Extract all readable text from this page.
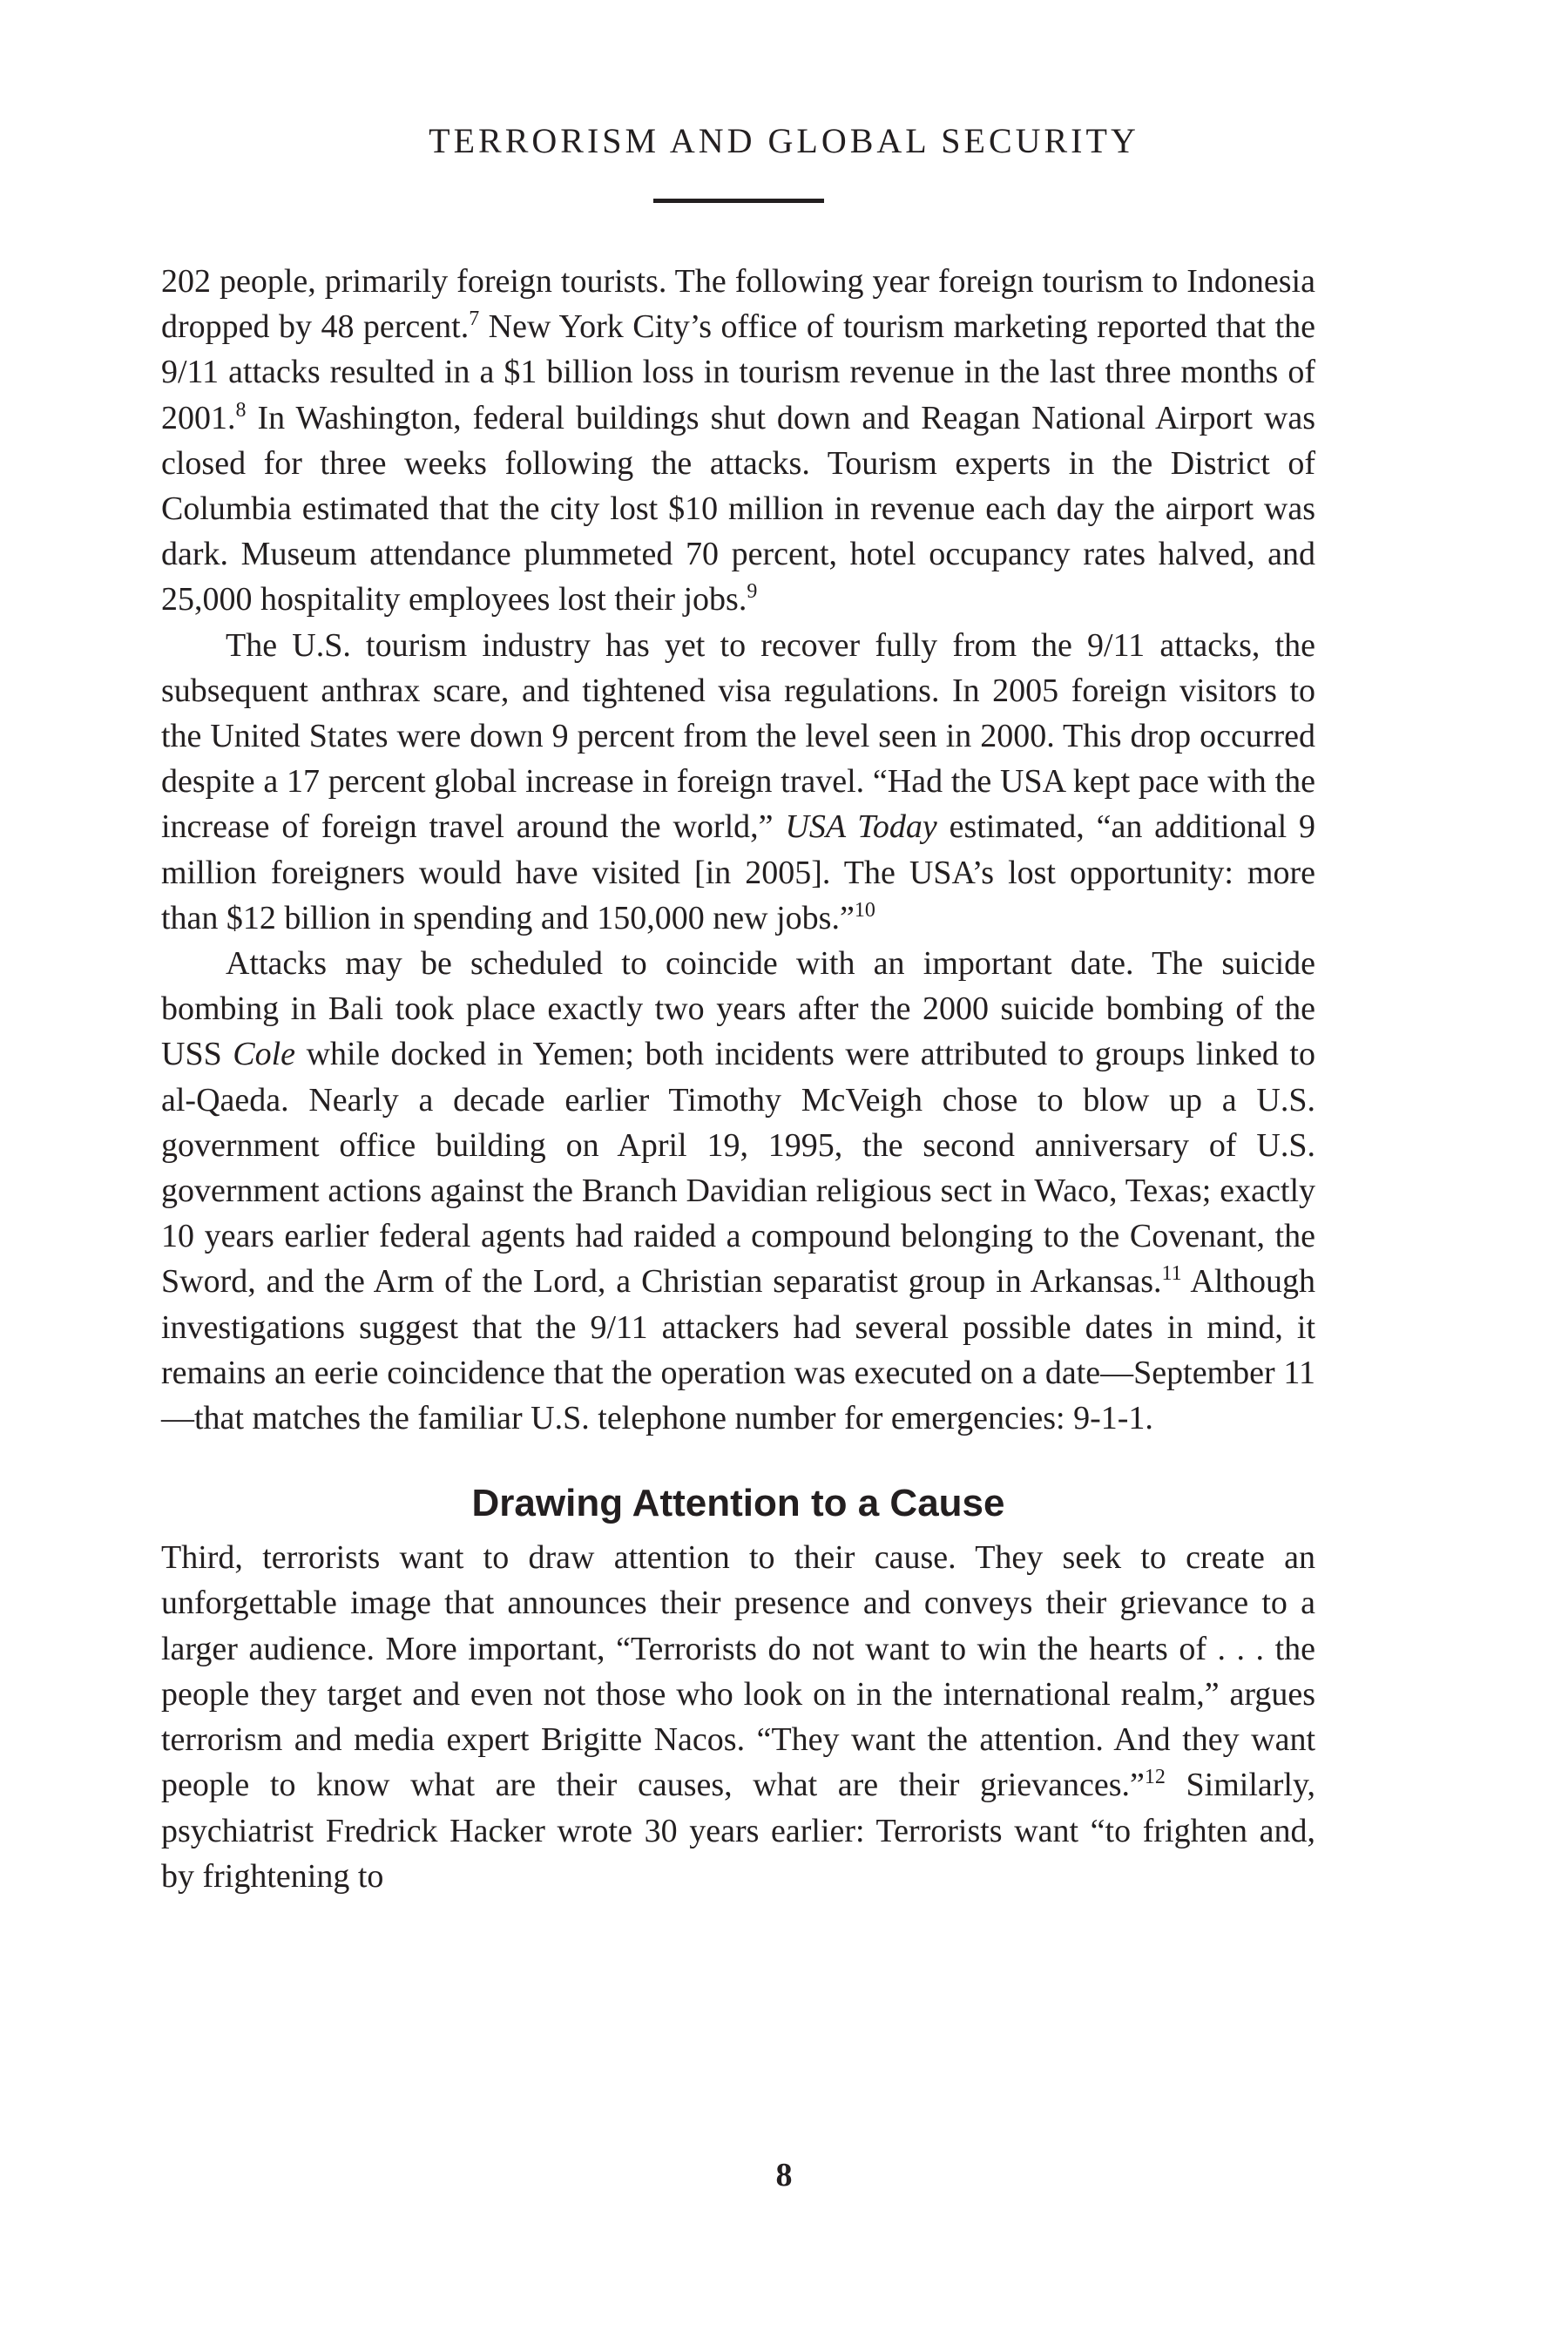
TERRORISM AND GLOBAL SECURITY

202 people, primarily foreign tourists. The following year foreign tourism to Indonesia dropped by 48 percent.$^7$ New York City’s office of tourism marketing reported that the 9/11 attacks resulted in a $1 billion loss in tourism revenue in the last three months of 2001.$^8$ In Washington, federal buildings shut down and Reagan National Airport was closed for three weeks following the attacks. Tourism experts in the District of Columbia estimated that the city lost $10 million in revenue each day the airport was dark. Museum attendance plummeted 70 percent, hotel occupancy rates halved, and 25,000 hospitality employees lost their jobs.$^9$

The U.S. tourism industry has yet to recover fully from the 9/11 attacks, the subsequent anthrax scare, and tightened visa regulations. In 2005 foreign visitors to the United States were down 9 percent from the level seen in 2000. This drop occurred despite a 17 percent global increase in foreign travel. “Had the USA kept pace with the increase of foreign travel around the world,” USA Today estimated, “an additional 9 million foreigners would have visited [in 2005]. The USA’s lost opportunity: more than $12 billion in spending and 150,000 new jobs.”$^{10}$

Attacks may be scheduled to coincide with an important date. The suicide bombing in Bali took place exactly two years after the 2000 suicide bombing of the USS Cole while docked in Yemen; both incidents were attributed to groups linked to al-Qaeda. Nearly a decade earlier Timothy McVeigh chose to blow up a U.S. government office building on April 19, 1995, the second anniversary of U.S. government actions against the Branch Davidian religious sect in Waco, Texas; exactly 10 years earlier federal agents had raided a compound belonging to the Covenant, the Sword, and the Arm of the Lord, a Christian separatist group in Arkansas.$^{11}$ Although investigations suggest that the 9/11 attackers had several possible dates in mind, it remains an eerie coincidence that the operation was executed on a date—September 11—that matches the familiar U.S. telephone number for emergencies: 9-1-1.

Drawing Attention to a Cause

Third, terrorists want to draw attention to their cause. They seek to create an unforgettable image that announces their presence and conveys their grievance to a larger audience. More important, “Terrorists do not want to win the hearts of . . . the people they target and even not those who look on in the international realm,” argues terrorism and media expert Brigitte Nacos. “They want the attention. And they want people to know what are their causes, what are their grievances.”$^{12}$ Similarly, psychiatrist Fredrick Hacker wrote 30 years earlier: Terrorists want “to frighten and, by frightening to

8
